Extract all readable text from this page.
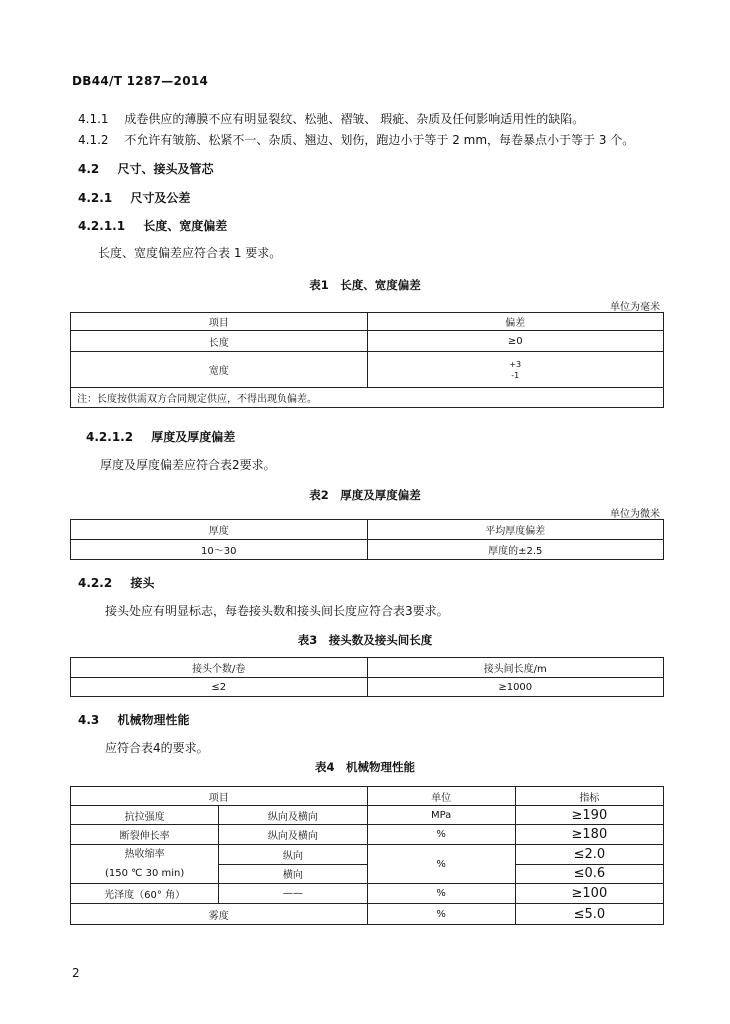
DB44/T 1287—2014
4.1.1 成卷供应的薄膜不应有明显裂纹、松驰、褶皱、 瑕疵、杂质及任何影响适用性的缺陷。
4.1.2 不允许有皱筋、松紧不一、杂质、翘边、划伤，跑边小于等于 2 mm，每卷暴点小于等于 3 个。
4.2 尺寸、接头及管芯
4.2.1 尺寸及公差
4.2.1.1 长度、宽度偏差
长度、宽度偏差应符合表 1 要求。
表1　长度、宽度偏差
单位为毫米
项目	偏差
长度	≥0
宽度	+3
-1
注：长度按供需双方合同规定供应，不得出现负偏差。	
4.2.1.2 厚度及厚度偏差
厚度及厚度偏差应符合表2要求。
表2　厚度及厚度偏差
单位为微米
厚度	平均厚度偏差
10～30	厚度的±2.5
4.2.2 接头
接头处应有明显标志，每卷接头数和接头间长度应符合表3要求。
表3　接头数及接头间长度
接头个数/卷	接头间长度/m
≤2	≥1000
4.3 机械物理性能
应符合表4的要求。
表4　机械物理性能
项目		单位	指标
抗拉强度	纵向及横向	MPa	≥190
断裂伸长率	纵向及横向	%	≥180
热收缩率
(150 ℃ 30 min)	纵向	%	≤2.0
	横向		≤0.6
光泽度（60° 角）	——	%	≥100
雾度		%	≤5.0
2
